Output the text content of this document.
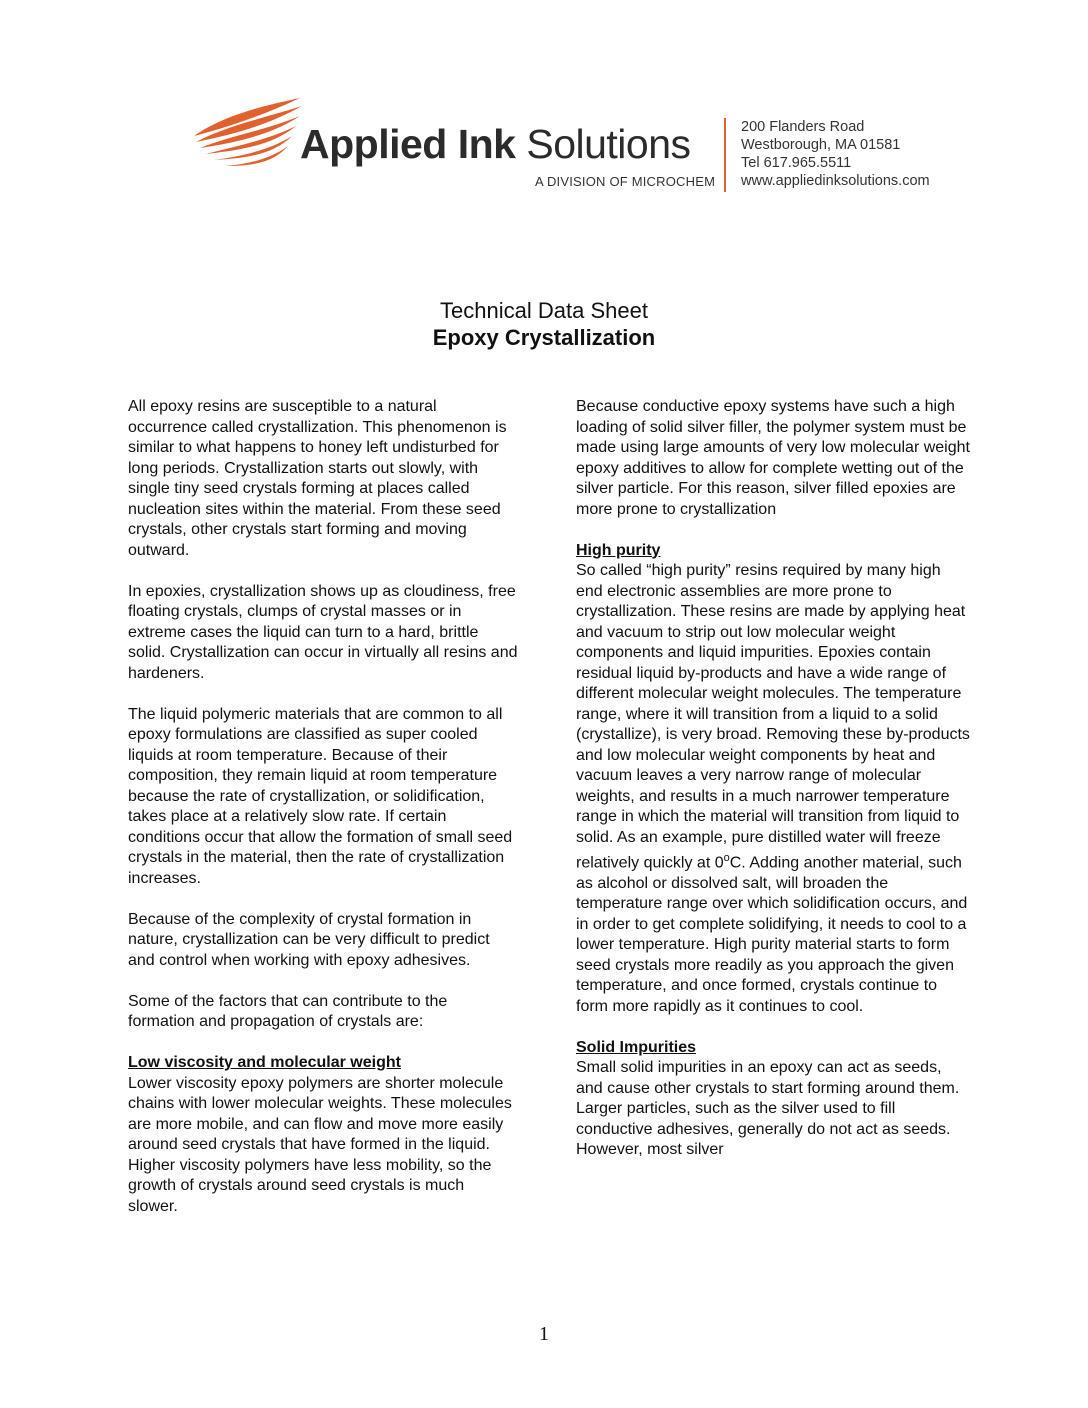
Applied Ink Solutions
A DIVISION OF MICROCHEM
200 Flanders Road
Westborough, MA 01581
Tel 617.965.5511
www.appliedinksolutions.com
Technical Data Sheet
Epoxy Crystallization

All epoxy resins are susceptible to a natural occurrence called crystallization. This phenomenon is similar to what happens to honey left undisturbed for long periods. Crystallization starts out slowly, with single tiny seed crystals forming at places called nucleation sites within the material. From these seed crystals, other crystals start forming and moving outward.

In epoxies, crystallization shows up as cloudiness, free floating crystals, clumps of crystal masses or in extreme cases the liquid can turn to a hard, brittle solid. Crystallization can occur in virtually all resins and hardeners.

The liquid polymeric materials that are common to all epoxy formulations are classified as super cooled liquids at room temperature. Because of their composition, they remain liquid at room temperature because the rate of crystallization, or solidification, takes place at a relatively slow rate. If certain conditions occur that allow the formation of small seed crystals in the material, then the rate of crystallization increases.

Because of the complexity of crystal formation in nature, crystallization can be very difficult to predict and control when working with epoxy adhesives.

Some of the factors that can contribute to the formation and propagation of crystals are:

Low viscosity and molecular weight

Lower viscosity epoxy polymers are shorter molecule chains with lower molecular weights. These molecules are more mobile, and can flow and move more easily around seed crystals that have formed in the liquid. Higher viscosity polymers have less mobility, so the growth of crystals around seed crystals is much slower.

Because conductive epoxy systems have such a high loading of solid silver filler, the polymer system must be made using large amounts of very low molecular weight epoxy additives to allow for complete wetting out of the silver particle. For this reason, silver filled epoxies are more prone to crystallization

High purity

So called “high purity” resins required by many high end electronic assemblies are more prone to crystallization. These resins are made by applying heat and vacuum to strip out low molecular weight components and liquid impurities. Epoxies contain residual liquid by-products and have a wide range of different molecular weight molecules. The temperature range, where it will transition from a liquid to a solid (crystallize), is very broad. Removing these by-products and low molecular weight components by heat and vacuum leaves a very narrow range of molecular weights, and results in a much narrower temperature range in which the material will transition from liquid to solid. As an example, pure distilled water will freeze relatively quickly at 0$^o$C. Adding another material, such as alcohol or dissolved salt, will broaden the temperature range over which solidification occurs, and in order to get complete solidifying, it needs to cool to a lower temperature. High purity material starts to form seed crystals more readily as you approach the given temperature, and once formed, crystals continue to form more rapidly as it continues to cool.

Solid Impurities

Small solid impurities in an epoxy can act as seeds, and cause other crystals to start forming around them. Larger particles, such as the silver used to fill conductive adhesives, generally do not act as seeds. However, most silver

1
